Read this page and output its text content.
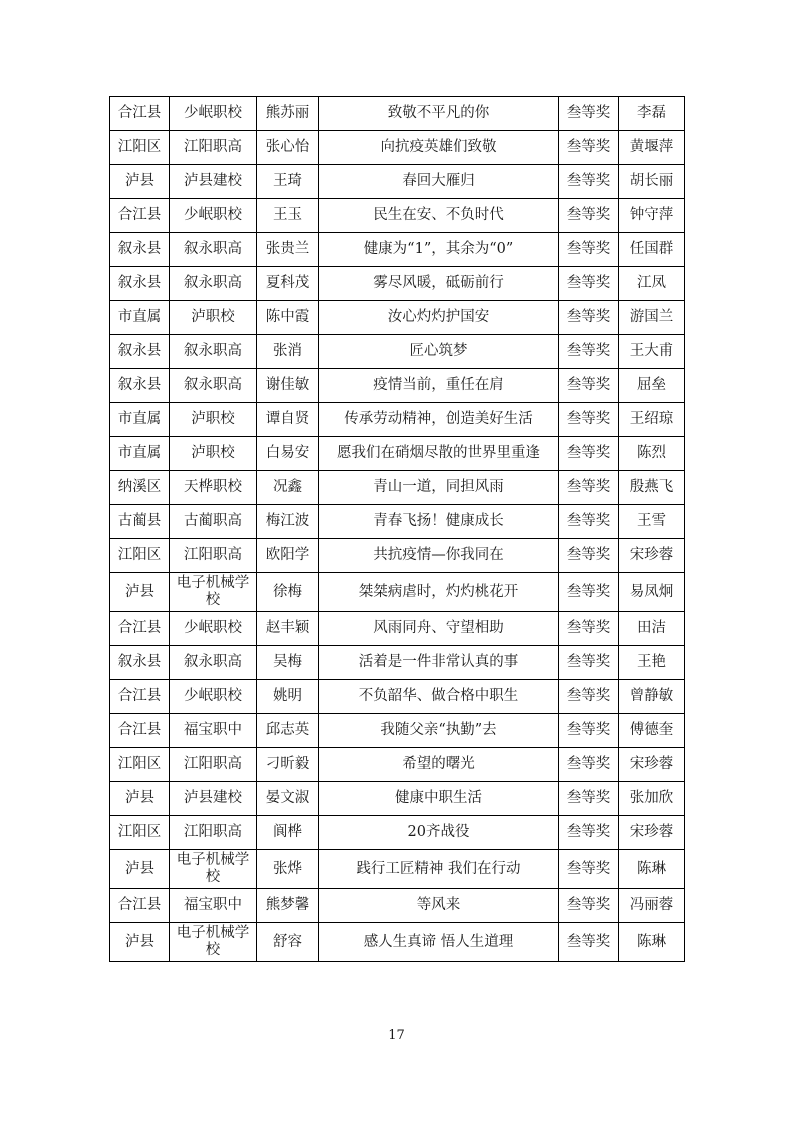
合江县	少岷职校	熊苏丽	致敬不平凡的你	叁等奖	李磊
江阳区	江阳职高	张心怡	向抗疫英雄们致敬	叁等奖	黄堰萍
泸县	泸县建校	王琦	春回大雁归	叁等奖	胡长丽
合江县	少岷职校	王玉	民生在安、不负时代	叁等奖	钟守萍
叙永县	叙永职高	张贵兰	健康为“1”，其余为“0”	叁等奖	任国群
叙永县	叙永职高	夏科茂	雾尽风暖，砥砺前行	叁等奖	江凤
市直属	泸职校	陈中霞	汝心灼灼护国安	叁等奖	游国兰
叙永县	叙永职高	张消	匠心筑梦	叁等奖	王大甫
叙永县	叙永职高	谢佳敏	疫情当前，重任在肩	叁等奖	屈垒
市直属	泸职校	谭自贤	传承劳动精神，创造美好生活	叁等奖	王绍琼
市直属	泸职校	白易安	愿我们在硝烟尽散的世界里重逢	叁等奖	陈烈
纳溪区	天桦职校	况鑫	青山一道，同担风雨	叁等奖	殷燕飞
古蔺县	古蔺职高	梅江波	青春飞扬！健康成长	叁等奖	王雪
江阳区	江阳职高	欧阳学	共抗疫情—你我同在	叁等奖	宋珍蓉
泸县	电子机械学校	徐梅	桀桀病虐时，灼灼桃花开	叁等奖	易凤炯
合江县	少岷职校	赵丰颖	风雨同舟、守望相助	叁等奖	田洁
叙永县	叙永职高	吴梅	活着是一件非常认真的事	叁等奖	王艳
合江县	少岷职校	姚明	不负韶华、做合格中职生	叁等奖	曾静敏
合江县	福宝职中	邱志英	我随父亲“执勤”去	叁等奖	傅德奎
江阳区	江阳职高	刁昕毅	希望的曙光	叁等奖	宋珍蓉
泸县	泸县建校	晏文淑	健康中职生活	叁等奖	张加欣
江阳区	江阳职高	阆桦	20齐战役	叁等奖	宋珍蓉
泸县	电子机械学校	张烨	践行工匠精神 我们在行动	叁等奖	陈琳
合江县	福宝职中	熊梦馨	等风来	叁等奖	冯丽蓉
泸县	电子机械学校	舒容	感人生真谛 悟人生道理	叁等奖	陈琳
17
